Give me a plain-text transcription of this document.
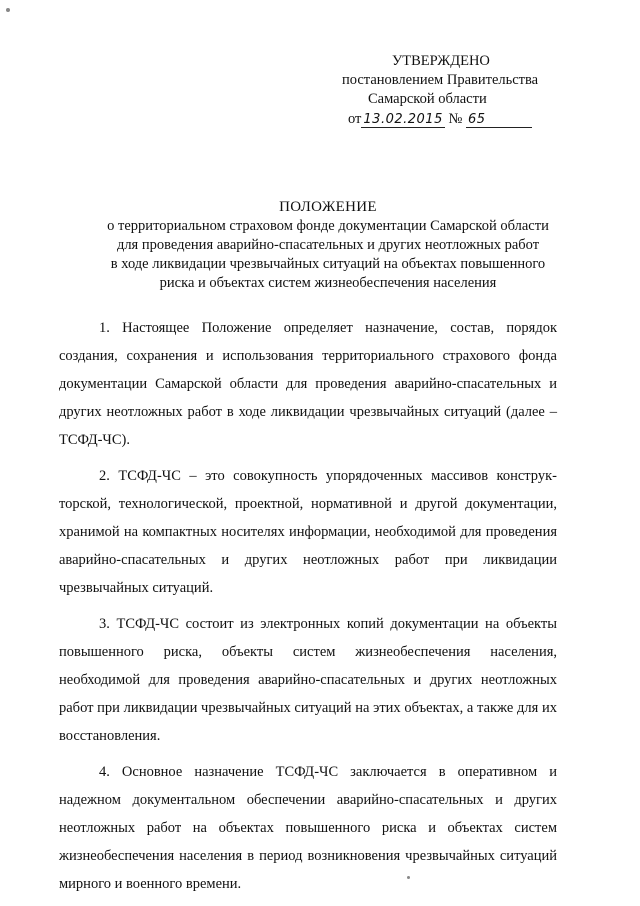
УТВЕРЖДЕНО
постановлением Правительства
Самарской области
от 13.02.2015 № 65
ПОЛОЖЕНИЕ
о территориальном страховом фонде документации Самарской области
для проведения аварийно-спасательных и других неотложных работ
в ходе ликвидации чрезвычайных ситуаций на объектах повышенного
риска и объектах систем жизнеобеспечения населения

1. Настоящее Положение определяет назначение, состав, порядок создания, сохранения и использования территориального страхового фонда документации Самарской области для проведения аварийно-спасательных и других неотложных работ в ходе ликвидации чрезвычайных ситуаций (далее – ТСФД-ЧС).

2. ТСФД-ЧС – это совокупность упорядоченных массивов конструкторской, технологической, проектной, нормативной и другой документации, хранимой на компактных носителях информации, необходимой для проведения аварийно-спасательных и других неотложных работ при ликвидации чрезвычайных ситуаций.

3. ТСФД-ЧС состоит из электронных копий документации на объекты повышенного риска, объекты систем жизнеобеспечения населения, необходимой для проведения аварийно-спасательных и других неотложных работ при ликвидации чрезвычайных ситуаций на этих объектах, а также для их восстановления.

4. Основное назначение ТСФД-ЧС заключается в оперативном и надежном документальном обеспечении аварийно-спасательных и других неотложных работ на объектах повышенного риска и объектах систем жизнеобеспечения населения в период возникновения чрезвычайных ситуаций мирного и военного времени.
